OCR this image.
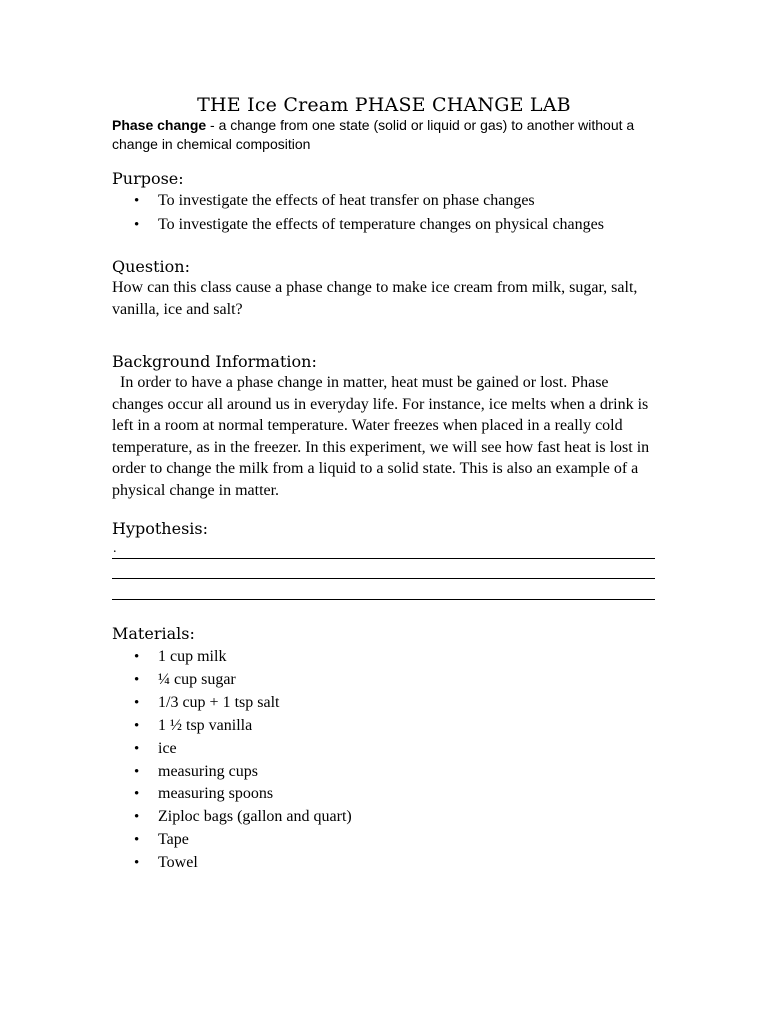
THE Ice Cream PHASE CHANGE LAB
Phase change - a change from one state (solid or liquid or gas) to another without a change in chemical composition
Purpose:
• To investigate the effects of heat transfer on phase changes
• To investigate the effects of temperature changes on physical changes
Question:
How can this class cause a phase change to make ice cream from milk, sugar, salt, vanilla, ice and salt?
Background Information:
In order to have a phase change in matter, heat must be gained or lost. Phase changes occur all around us in everyday life. For instance, ice melts when a drink is left in a room at normal temperature. Water freezes when placed in a really cold temperature, as in the freezer. In this experiment, we will see how fast heat is lost in order to change the milk from a liquid to a solid state. This is also an example of a physical change in matter.
Hypothesis:
.
Materials:
• 1 cup milk
• ¼ cup sugar
• 1/3 cup + 1 tsp salt
• 1 ½ tsp vanilla
• ice
• measuring cups
• measuring spoons
• Ziploc bags (gallon and quart)
• Tape
• Towel
